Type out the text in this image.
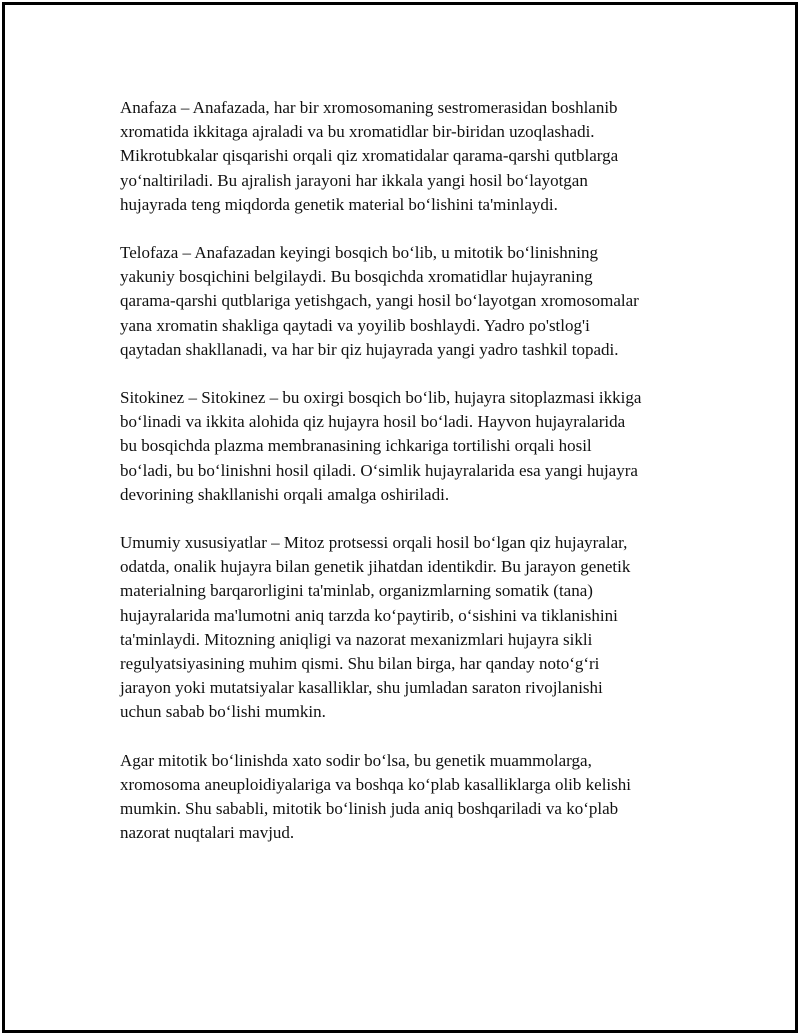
Anafaza – Anafazada, har bir xromosomaning sestromerasidan boshlanib
xromatida ikkitaga ajraladi va bu xromatidlar bir-biridan uzoqlashadi.
Mikrotubkalar qisqarishi orqali qiz xromatidalar qarama-qarshi qutblarga
yo‘naltiriladi. Bu ajralish jarayoni har ikkala yangi hosil bo‘layotgan
hujayrada teng miqdorda genetik material bo‘lishini ta'minlaydi.

Telofaza – Anafazadan keyingi bosqich bo‘lib, u mitotik bo‘linishning
yakuniy bosqichini belgilaydi. Bu bosqichda xromatidlar hujayraning
qarama-qarshi qutblariga yetishgach, yangi hosil bo‘layotgan xromosomalar
yana xromatin shakliga qaytadi va yoyilib boshlaydi. Yadro po'stlog'i
qaytadan shakllanadi, va har bir qiz hujayrada yangi yadro tashkil topadi.

Sitokinez – Sitokinez – bu oxirgi bosqich bo‘lib, hujayra sitoplazmasi ikkiga
bo‘linadi va ikkita alohida qiz hujayra hosil bo‘ladi. Hayvon hujayralarida
bu bosqichda plazma membranasining ichkariga tortilishi orqali hosil
bo‘ladi, bu bo‘linishni hosil qiladi. O‘simlik hujayralarida esa yangi hujayra
devorining shakllanishi orqali amalga oshiriladi.

Umumiy xususiyatlar – Mitoz protsessi orqali hosil bo‘lgan qiz hujayralar,
odatda, onalik hujayra bilan genetik jihatdan identikdir. Bu jarayon genetik
materialning barqarorligini ta'minlab, organizmlarning somatik (tana)
hujayralarida ma'lumotni aniq tarzda ko‘paytirib, o‘sishini va tiklanishini
ta'minlaydi. Mitozning aniqligi va nazorat mexanizmlari hujayra sikli
regulyatsiyasining muhim qismi. Shu bilan birga, har qanday noto‘g‘ri
jarayon yoki mutatsiyalar kasalliklar, shu jumladan saraton rivojlanishi
uchun sabab bo‘lishi mumkin.

Agar mitotik bo‘linishda xato sodir bo‘lsa, bu genetik muammolarga,
xromosoma aneuploidiyalariga va boshqa ko‘plab kasalliklarga olib kelishi
mumkin. Shu sababli, mitotik bo‘linish juda aniq boshqariladi va ko‘plab
nazorat nuqtalari mavjud.
